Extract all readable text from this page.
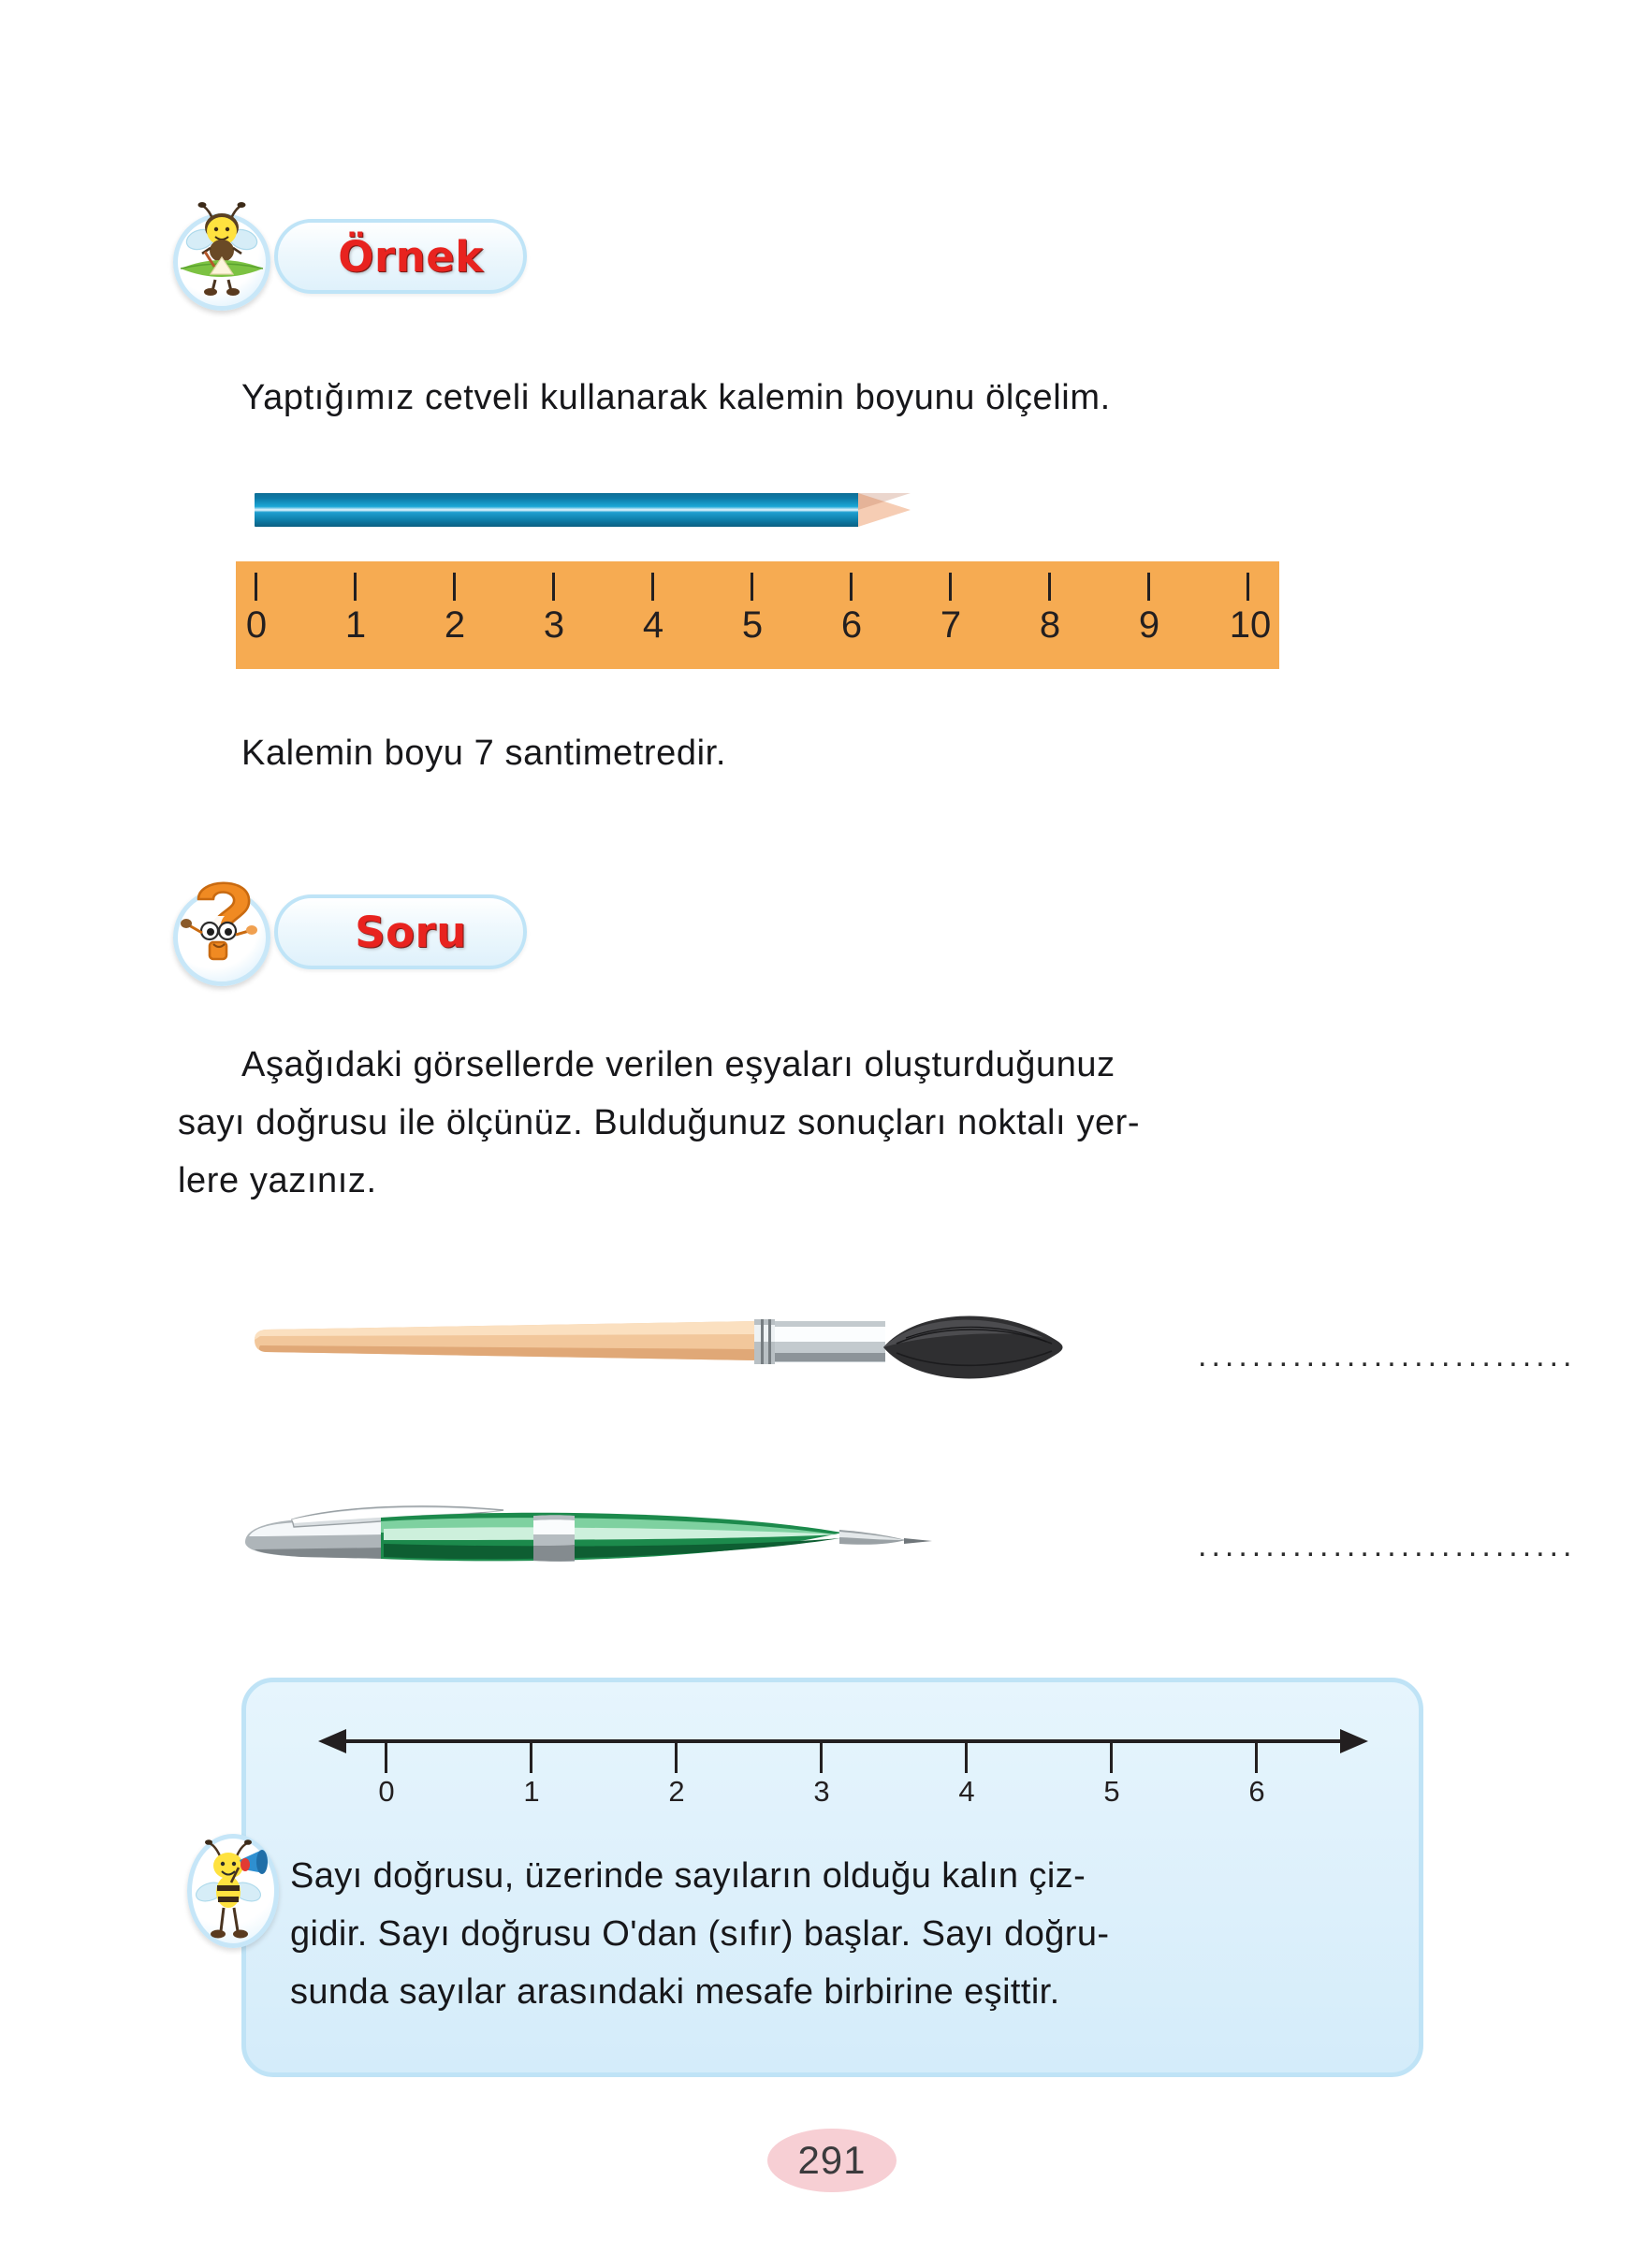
Örnek
Yaptığımız cetveli kullanarak kalemin boyunu ölçelim.
0 1 2 3 4 5 6 7 8 9 10
Kalemin boyu 7 santimetredir.
Soru
Aşağıdaki görsellerde verilen eşyaları oluşturduğunuz
sayı doğrusu ile ölçünüz. Bulduğunuz sonuçları noktalı yer-
lere yazınız.
............................
............................
0	1	2	3	4	5	6
Sayı doğrusu, üzerinde sayıların olduğu kalın çiz-
gidir. Sayı doğrusu O'dan (sıfır) başlar. Sayı doğru-
sunda sayılar arasındaki mesafe birbirine eşittir.
291
